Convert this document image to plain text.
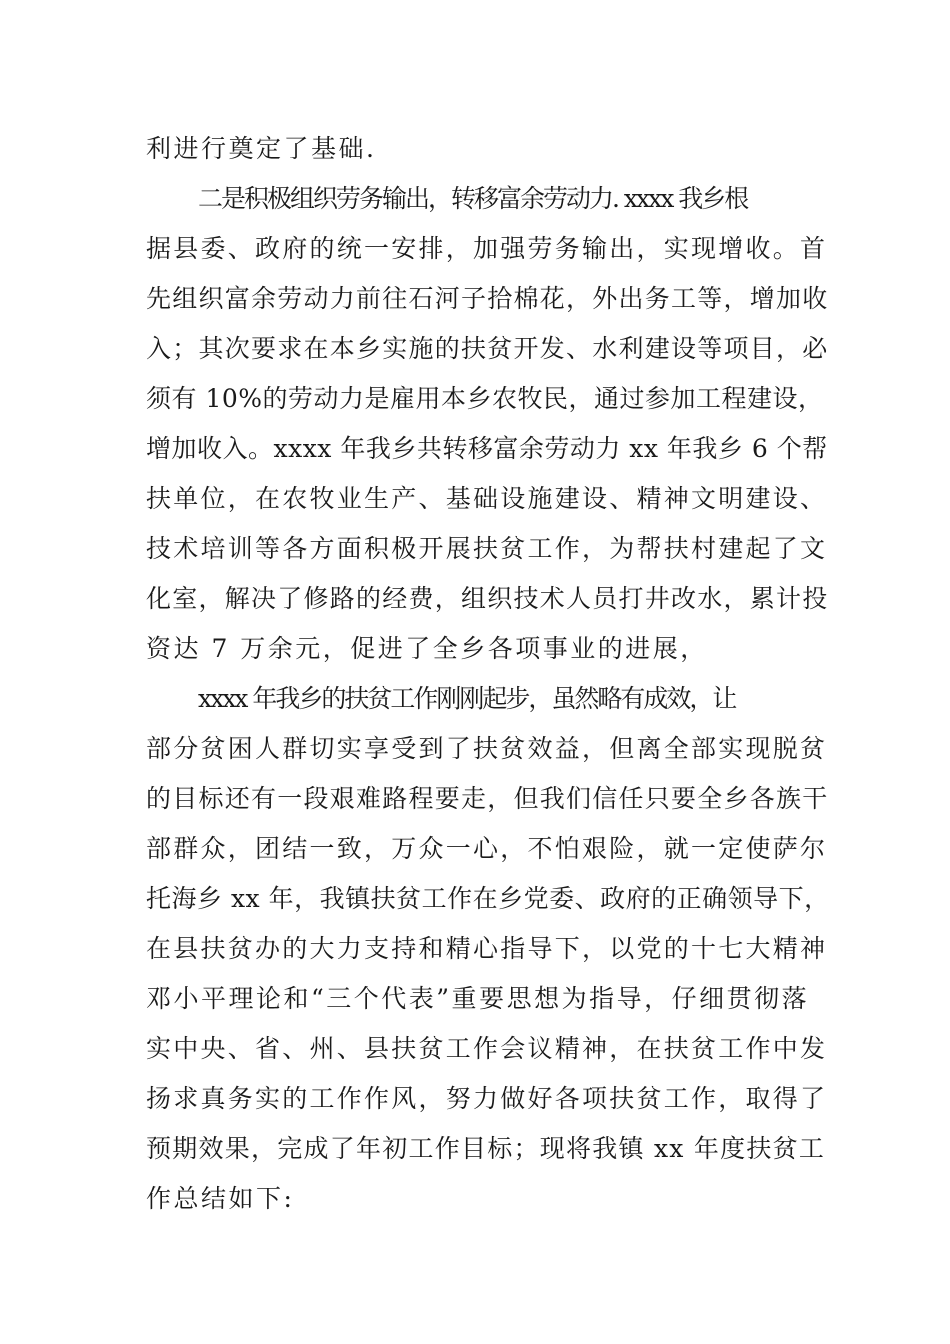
利进行奠定了基础.
二是积极组织劳务输出，转移富余劳动力. xxxx 我乡根
据县委、政府的统一安排，加强劳务输出，实现增收。首
先组织富余劳动力前往石河子拾棉花，外出务工等，增加收
入；其次要求在本乡实施的扶贫开发、水利建设等项目，必
须有 10%的劳动力是雇用本乡农牧民，通过参加工程建设，
增加收入。xxxx 年我乡共转移富余劳动力 xx 年我乡 6 个帮
扶单位，在农牧业生产、基础设施建设、精神文明建设、
技术培训等各方面积极开展扶贫工作，为帮扶村建起了文
化室，解决了修路的经费，组织技术人员打井改水，累计投
资达 7 万余元，促进了全乡各项事业的进展，
xxxx 年我乡的扶贫工作刚刚起步，虽然略有成效，让
部分贫困人群切实享受到了扶贫效益，但离全部实现脱贫
的目标还有一段艰难路程要走，但我们信任只要全乡各族干
部群众，团结一致，万众一心，不怕艰险，就一定使萨尔
托海乡 xx 年，我镇扶贫工作在乡党委、政府的正确领导下，
在县扶贫办的大力支持和精心指导下，以党的十七大精神
邓小平理论和“三个代表”重要思想为指导，仔细贯彻落
实中央、省、州、县扶贫工作会议精神，在扶贫工作中发
扬求真务实的工作作风，努力做好各项扶贫工作，取得了
预期效果，完成了年初工作目标；现将我镇 xx 年度扶贫工
作总结如下:
